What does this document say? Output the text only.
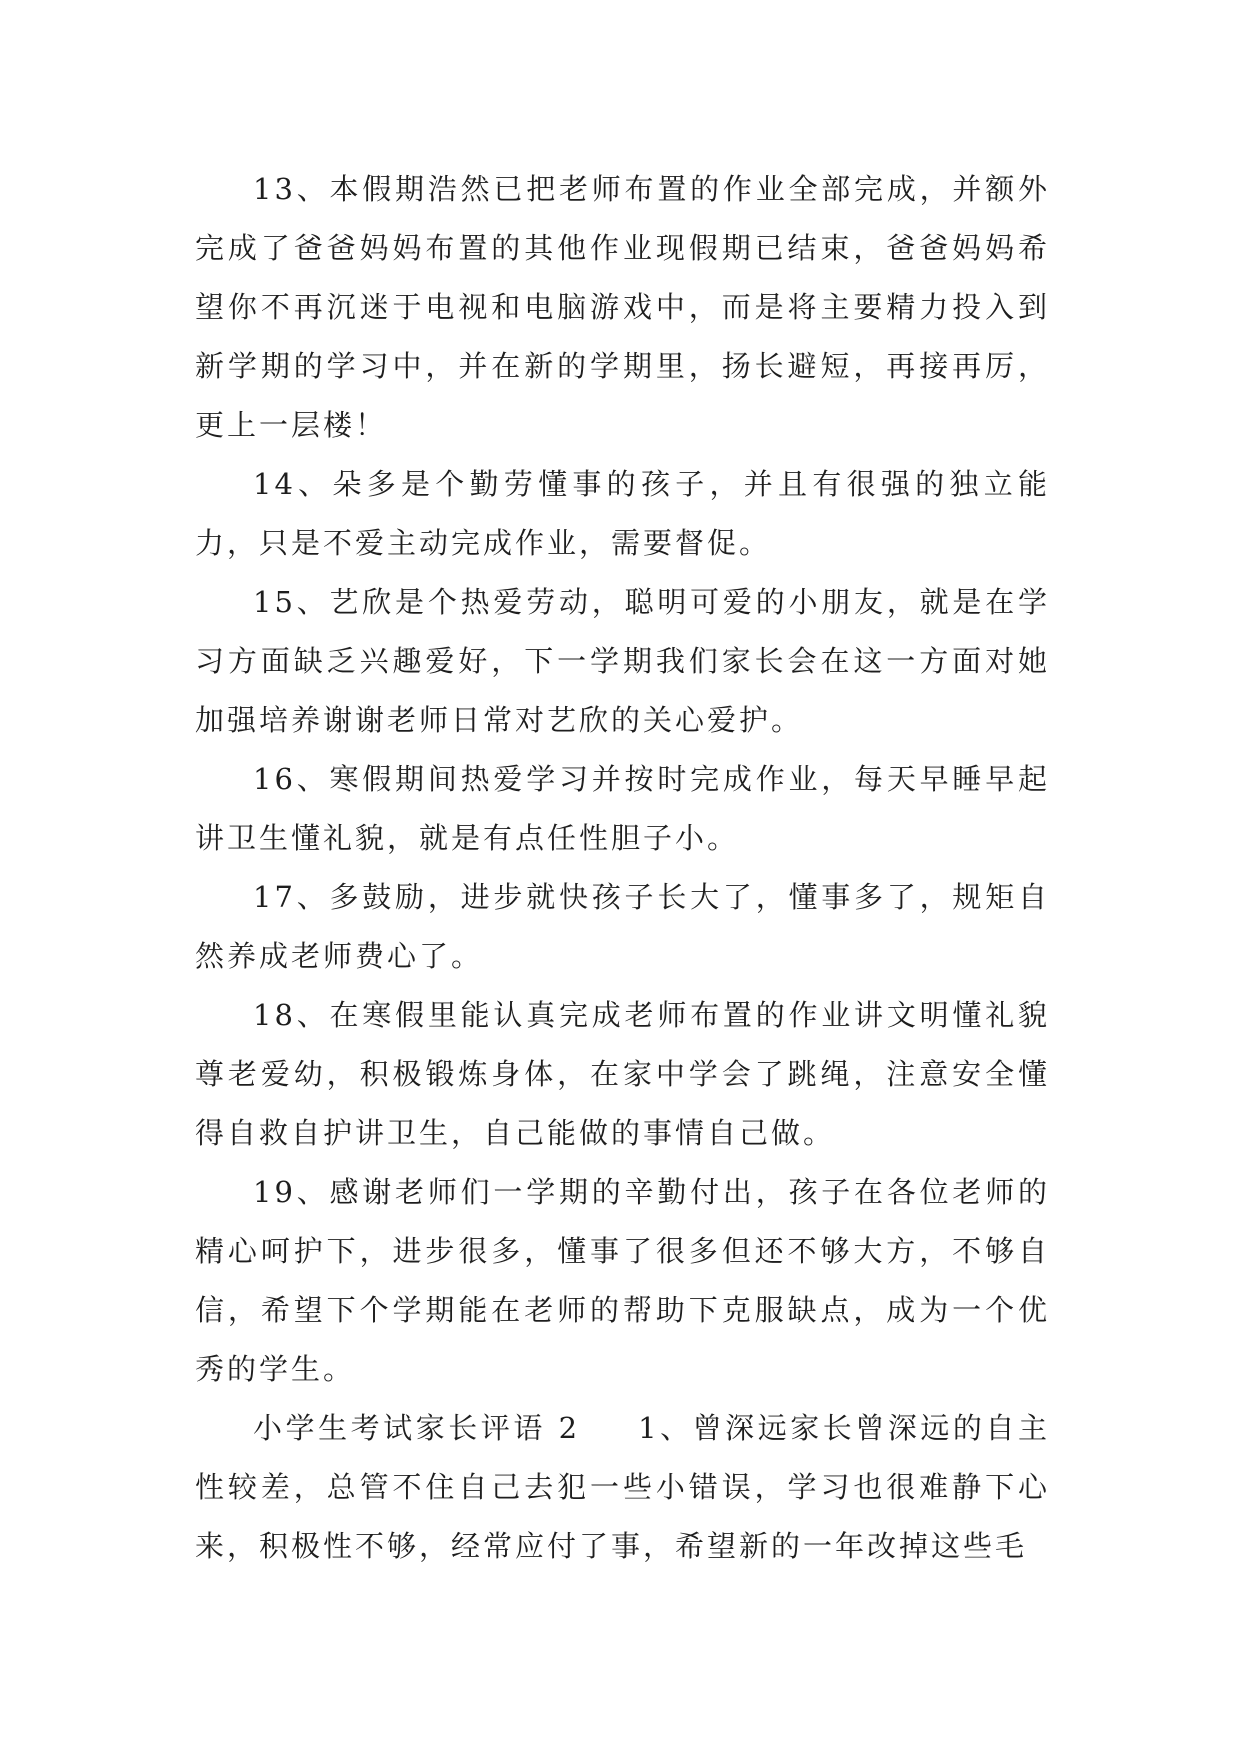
13、本假期浩然已把老师布置的作业全部完成，并额外完成了爸爸妈妈布置的其他作业现假期已结束，爸爸妈妈希望你不再沉迷于电视和电脑游戏中，而是将主要精力投入到新学期的学习中，并在新的学期里，扬长避短，再接再厉，更上一层楼！

14、朵多是个勤劳懂事的孩子，并且有很强的独立能力，只是不爱主动完成作业，需要督促。

15、艺欣是个热爱劳动，聪明可爱的小朋友，就是在学习方面缺乏兴趣爱好，下一学期我们家长会在这一方面对她加强培养谢谢老师日常对艺欣的关心爱护。

16、寒假期间热爱学习并按时完成作业，每天早睡早起讲卫生懂礼貌，就是有点任性胆子小。

17、多鼓励，进步就快孩子长大了，懂事多了，规矩自然养成老师费心了。

18、在寒假里能认真完成老师布置的作业讲文明懂礼貌尊老爱幼，积极锻炼身体，在家中学会了跳绳，注意安全懂得自救自护讲卫生，自己能做的事情自己做。

19、感谢老师们一学期的辛勤付出，孩子在各位老师的精心呵护下，进步很多，懂事了很多但还不够大方，不够自信，希望下个学期能在老师的帮助下克服缺点，成为一个优秀的学生。

小学生考试家长评语 2 1、曾深远家长曾深远的自主性较差，总管不住自己去犯一些小错误，学习也很难静下心来，积极性不够，经常应付了事，希望新的一年改掉这些毛
